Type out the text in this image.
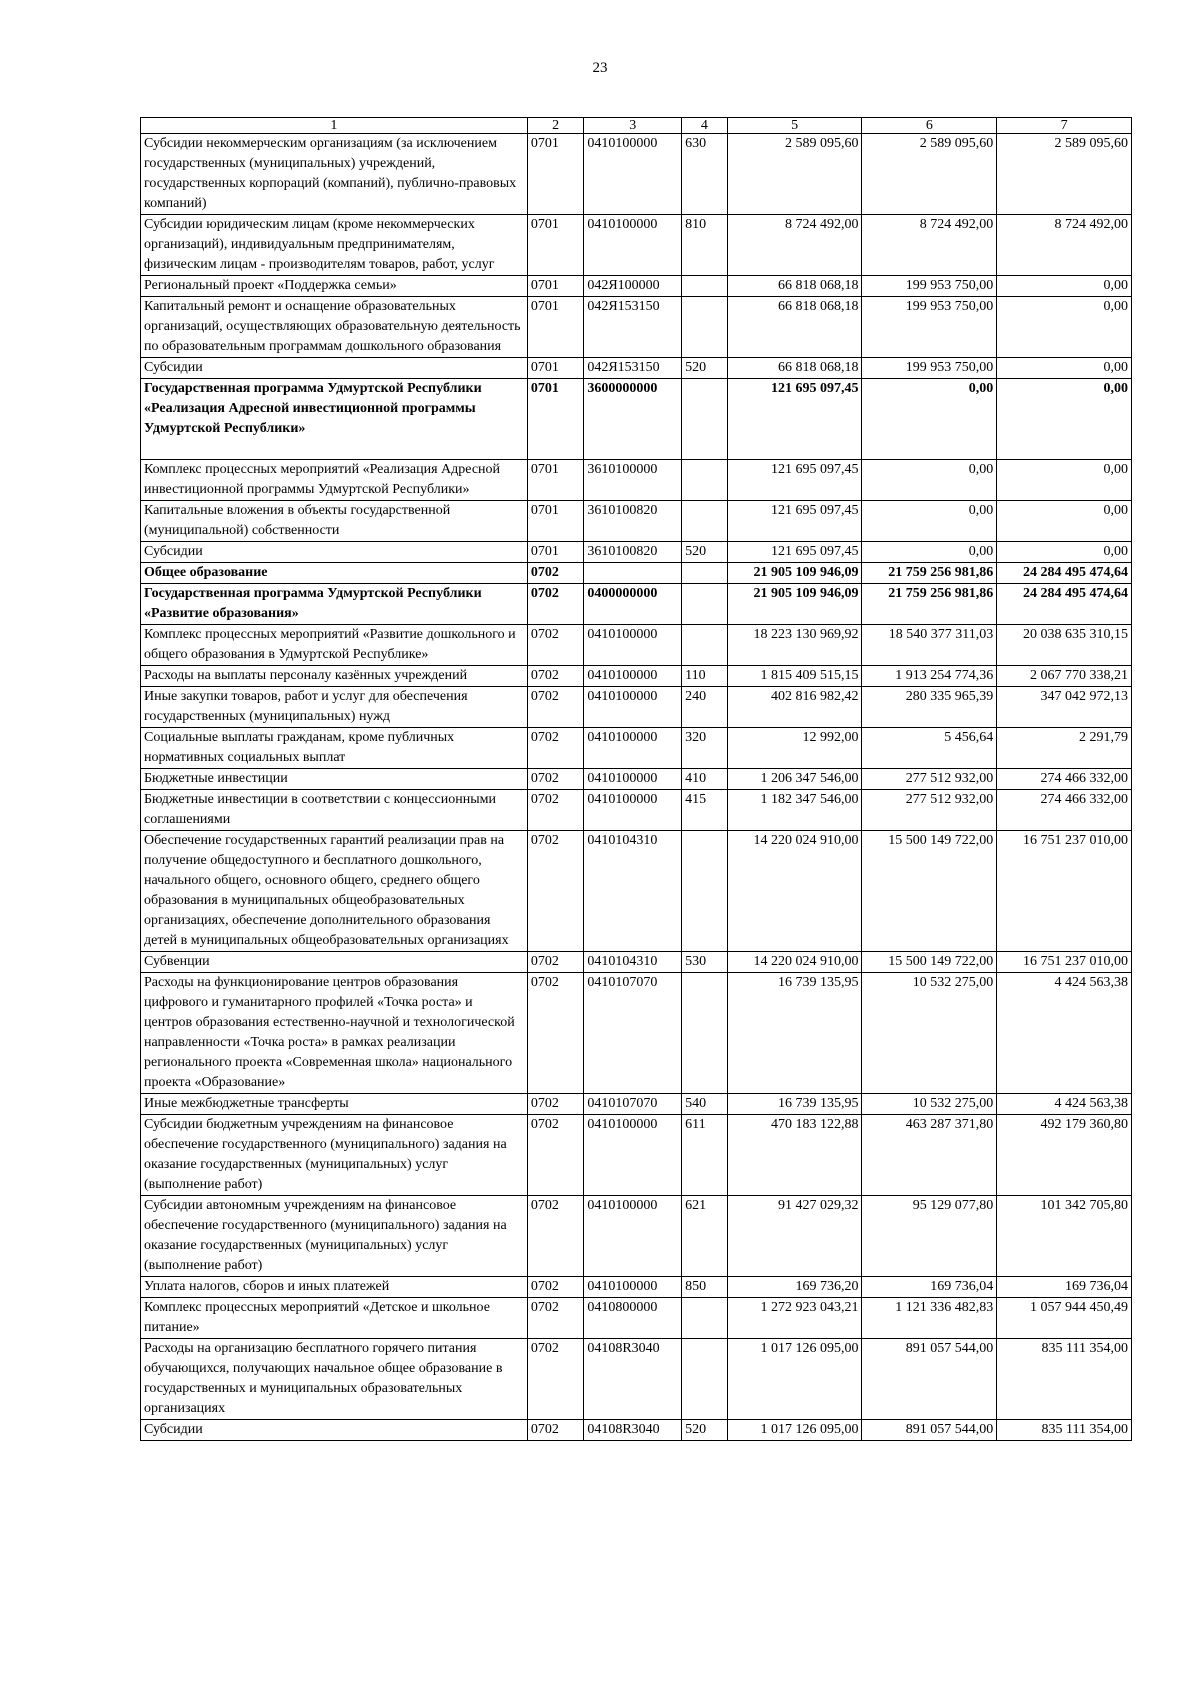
23
1	2	3	4	5	6	7
Субсидии некоммерческим организациям (за исключением государственных (муниципальных) учреждений, государственных корпораций (компаний), публично-правовых компаний)	0701	0410100000	630	2 589 095,60	2 589 095,60	2 589 095,60
Субсидии юридическим лицам (кроме некоммерческих организаций), индивидуальным предпринимателям, физическим лицам - производителям товаров, работ, услуг	0701	0410100000	810	8 724 492,00	8 724 492,00	8 724 492,00
Региональный проект «Поддержка семьи»	0701	042Я100000		66 818 068,18	199 953 750,00	0,00
Капитальный ремонт и оснащение образовательных организаций, осуществляющих образовательную деятельность по образовательным программам дошкольного образования	0701	042Я153150		66 818 068,18	199 953 750,00	0,00
Субсидии	0701	042Я153150	520	66 818 068,18	199 953 750,00	0,00
Государственная программа Удмуртской Республики «Реализация Адресной инвестиционной программы Удмуртской Республики»	0701	3600000000		121 695 097,45	0,00	0,00
Комплекс процессных мероприятий «Реализация Адресной инвестиционной программы Удмуртской Республики»	0701	3610100000		121 695 097,45	0,00	0,00
Капитальные вложения в объекты государственной (муниципальной) собственности	0701	3610100820		121 695 097,45	0,00	0,00
Субсидии	0701	3610100820	520	121 695 097,45	0,00	0,00
Общее образование	0702			21 905 109 946,09	21 759 256 981,86	24 284 495 474,64
Государственная программа Удмуртской Республики «Развитие образования»	0702	0400000000		21 905 109 946,09	21 759 256 981,86	24 284 495 474,64
Комплекс процессных мероприятий «Развитие дошкольного и общего образования в Удмуртской Республике»	0702	0410100000		18 223 130 969,92	18 540 377 311,03	20 038 635 310,15
Расходы на выплаты персоналу казённых учреждений	0702	0410100000	110	1 815 409 515,15	1 913 254 774,36	2 067 770 338,21
Иные закупки товаров, работ и услуг для обеспечения государственных (муниципальных) нужд	0702	0410100000	240	402 816 982,42	280 335 965,39	347 042 972,13
Социальные выплаты гражданам, кроме публичных нормативных социальных выплат	0702	0410100000	320	12 992,00	5 456,64	2 291,79
Бюджетные инвестиции	0702	0410100000	410	1 206 347 546,00	277 512 932,00	274 466 332,00
Бюджетные инвестиции в соответствии с концессионными соглашениями	0702	0410100000	415	1 182 347 546,00	277 512 932,00	274 466 332,00
Обеспечение государственных гарантий реализации прав на получение общедоступного и бесплатного дошкольного, начального общего, основного общего, среднего общего образования в муниципальных общеобразовательных организациях, обеспечение дополнительного образования детей в муниципальных общеобразовательных организациях	0702	0410104310		14 220 024 910,00	15 500 149 722,00	16 751 237 010,00
Субвенции	0702	0410104310	530	14 220 024 910,00	15 500 149 722,00	16 751 237 010,00
Расходы на функционирование центров образования цифрового и гуманитарного профилей «Точка роста» и центров образования естественно-научной и технологической направленности «Точка роста» в рамках реализации регионального проекта «Современная школа» национального проекта «Образование»	0702	0410107070		16 739 135,95	10 532 275,00	4 424 563,38
Иные межбюджетные трансферты	0702	0410107070	540	16 739 135,95	10 532 275,00	4 424 563,38
Субсидии бюджетным учреждениям на финансовое обеспечение государственного (муниципального) задания на оказание государственных (муниципальных) услуг (выполнение работ)	0702	0410100000	611	470 183 122,88	463 287 371,80	492 179 360,80
Субсидии автономным учреждениям на финансовое обеспечение государственного (муниципального) задания на оказание государственных (муниципальных) услуг (выполнение работ)	0702	0410100000	621	91 427 029,32	95 129 077,80	101 342 705,80
Уплата налогов, сборов и иных платежей	0702	0410100000	850	169 736,20	169 736,04	169 736,04
Комплекс процессных мероприятий «Детское и школьное питание»	0702	0410800000		1 272 923 043,21	1 121 336 482,83	1 057 944 450,49
Расходы на организацию бесплатного горячего питания обучающихся, получающих начальное общее образование в государственных и муниципальных образовательных организациях	0702	04108R3040		1 017 126 095,00	891 057 544,00	835 111 354,00
Субсидии	0702	04108R3040	520	1 017 126 095,00	891 057 544,00	835 111 354,00
